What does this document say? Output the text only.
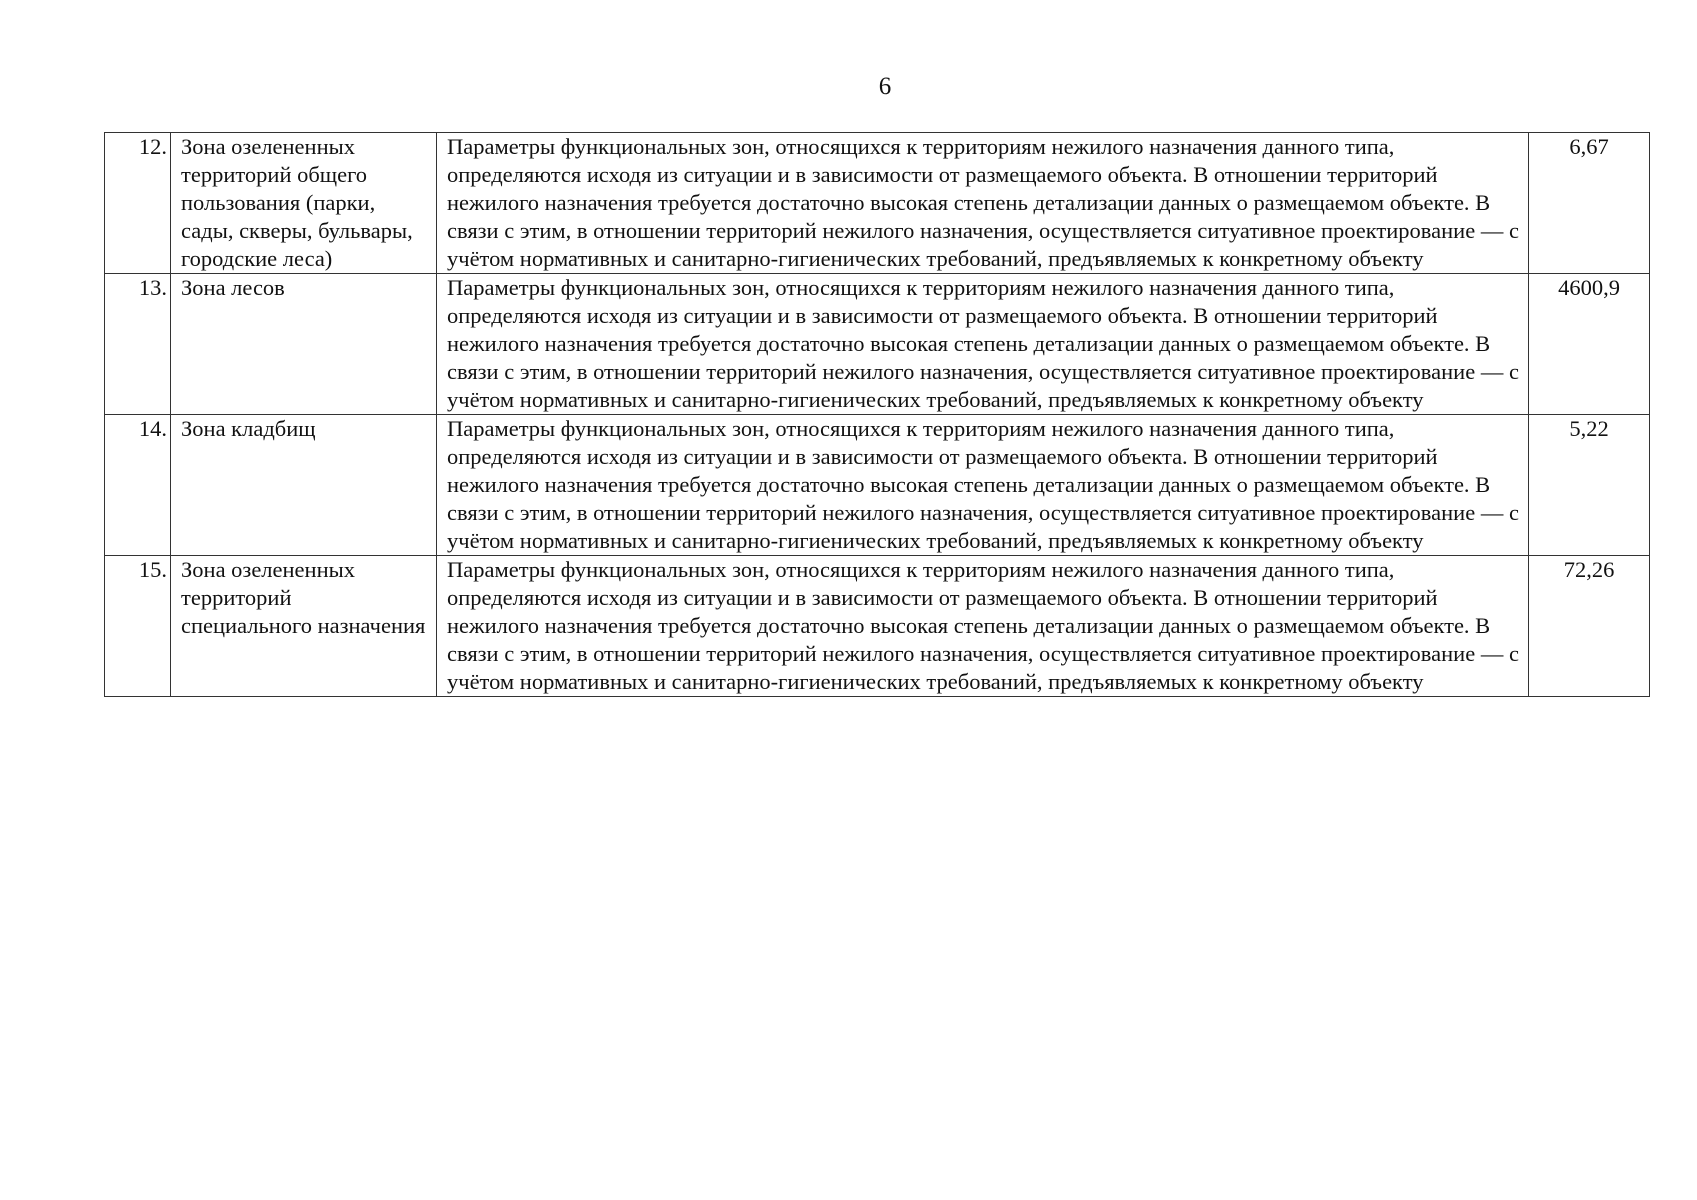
6
12.	Зона озелененных территорий общего пользования (парки, сады, скверы, бульвары, городские леса)	Параметры функциональных зон, относящихся к территориям нежилого назначения данного типа, определяются исходя из ситуации и в зависимости от размещаемого объекта. В отношении территорий нежилого назначения требуется достаточно высокая степень детализации данных о размещаемом объекте. В связи с этим, в отношении территорий нежилого назначения, осуществляется ситуативное проектирование — с учётом нормативных и санитарно-гигиенических требований, предъявляемых к конкретному объекту	6,67
13.	Зона лесов	Параметры функциональных зон, относящихся к территориям нежилого назначения данного типа, определяются исходя из ситуации и в зависимости от размещаемого объекта. В отношении территорий нежилого назначения требуется достаточно высокая степень детализации данных о размещаемом объекте. В связи с этим, в отношении территорий нежилого назначения, осуществляется ситуативное проектирование — с учётом нормативных и санитарно-гигиенических требований, предъявляемых к конкретному объекту	4600,9
14.	Зона кладбищ	Параметры функциональных зон, относящихся к территориям нежилого назначения данного типа, определяются исходя из ситуации и в зависимости от размещаемого объекта. В отношении территорий нежилого назначения требуется достаточно высокая степень детализации данных о размещаемом объекте. В связи с этим, в отношении территорий нежилого назначения, осуществляется ситуативное проектирование — с учётом нормативных и санитарно-гигиенических требований, предъявляемых к конкретному объекту	5,22
15.	Зона озелененных территорий специального назначения	Параметры функциональных зон, относящихся к территориям нежилого назначения данного типа, определяются исходя из ситуации и в зависимости от размещаемого объекта. В отношении территорий нежилого назначения требуется достаточно высокая степень детализации данных о размещаемом объекте. В связи с этим, в отношении территорий нежилого назначения, осуществляется ситуативное проектирование — с учётом нормативных и санитарно-гигиенических требований, предъявляемых к конкретному объекту	72,26
